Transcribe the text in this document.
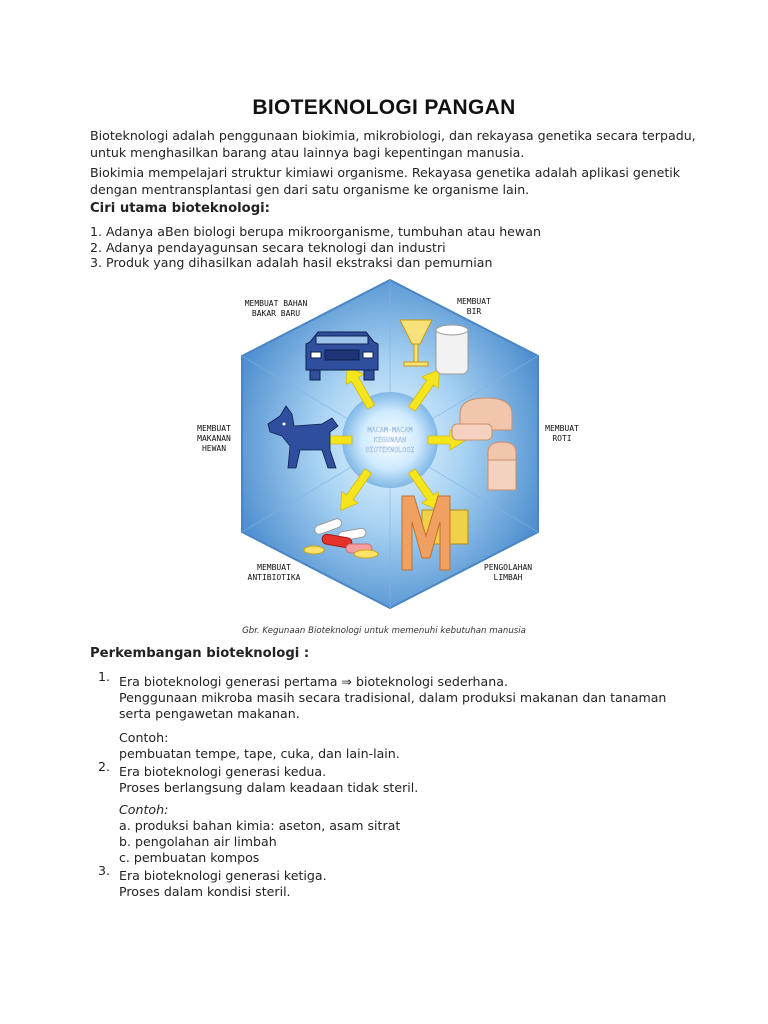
BIOTEKNOLOGI PANGAN
Bioteknologi adalah penggunaan biokimia, mikrobiologi, dan rekayasa genetika secara terpadu, untuk menghasilkan barang atau lainnya bagi kepentingan manusia.
Biokimia mempelajari struktur kimiawi organisme. Rekayasa genetika adalah aplikasi genetik dengan mentransplantasi gen dari satu organisme ke organisme lain.
Ciri utama bioteknologi:
1. Adanya aBen biologi berupa mikroorganisme, tumbuhan atau hewan
2. Adanya pendayagunsan secara teknologi dan industri
3. Produk yang dihasilkan adalah hasil ekstraksi dan pemurnian
MACAM-MACAM
KEGUNAAN
BIOTEKNOLOGI
MEMBUAT BAHAN
BAKAR BARU
MEMBUAT
BIR
MEMBUAT
MAKANAN
HEWAN
MEMBUAT
ROTI
MEMBUAT
ANTIBIOTIKA
PENGOLAHAN
LIMBAH
Gbr. Kegunaan Bioteknologi untuk memenuhi kebutuhan manusia
Perkembangan bioteknologi :
1. Era bioteknologi generasi pertama ⇒ bioteknologi sederhana.
Penggunaan mikroba masih secara tradisional, dalam produksi makanan dan tanaman
serta pengawetan makanan.
Contoh:
pembuatan tempe, tape, cuka, dan lain-lain.
2. Era bioteknologi generasi kedua.
Proses berlangsung dalam keadaan tidak steril.
Contoh:
a. produksi bahan kimia: aseton, asam sitrat
b. pengolahan air limbah
c. pembuatan kompos
3. Era bioteknologi generasi ketiga.
Proses dalam kondisi steril.
